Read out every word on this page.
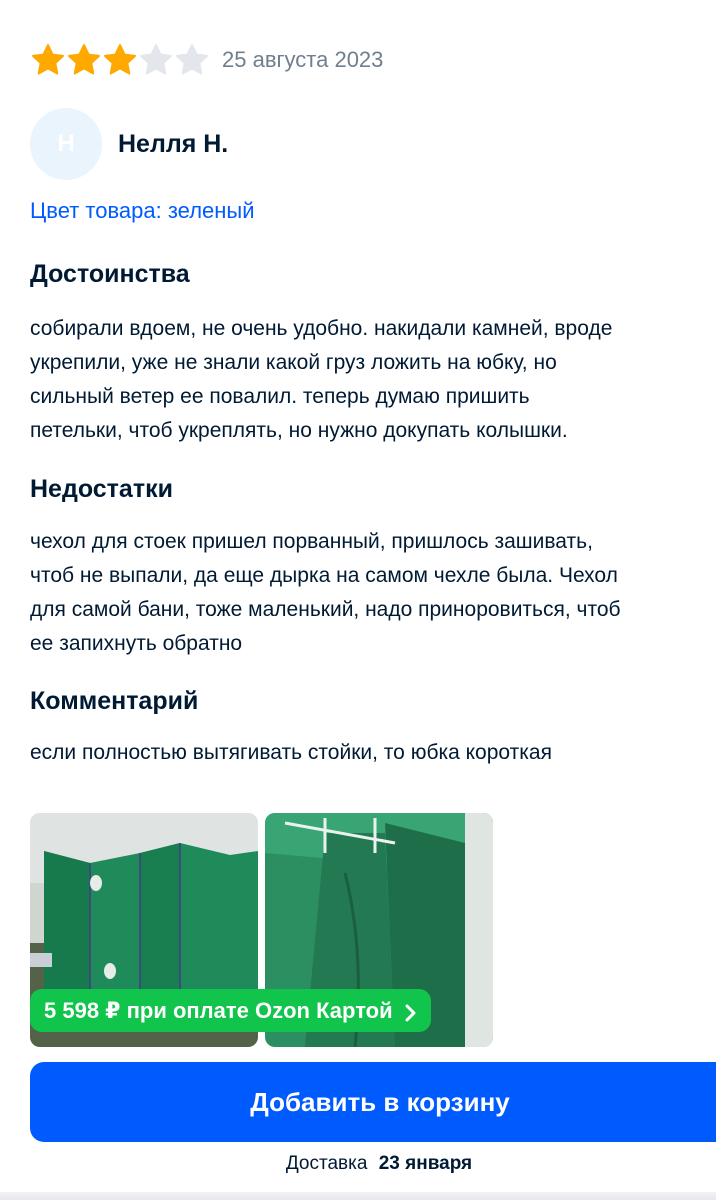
25 августа 2023
Н	Нелля Н.
Цвет товара: зеленый
Достоинства
собирали вдоем, не очень удобно. накидали камней, вроде
укрепили, уже не знали какой груз ложить на юбку, но
сильный ветер ее повалил. теперь думаю пришить
петельки, чтоб укреплять, но нужно докупать колышки.
Недостатки
чехол для стоек пришел порванный, пришлось зашивать,
чтоб не выпали, да еще дырка на самом чехле была. Чехол
для самой бани, тоже маленький, надо приноровиться, чтоб
ее запихнуть обратно
Комментарий
если полностью вытягивать стойки, то юбка короткая
5 598 ₽ при оплате Ozon Картой
Добавить в корзину
Доставка 23 января
